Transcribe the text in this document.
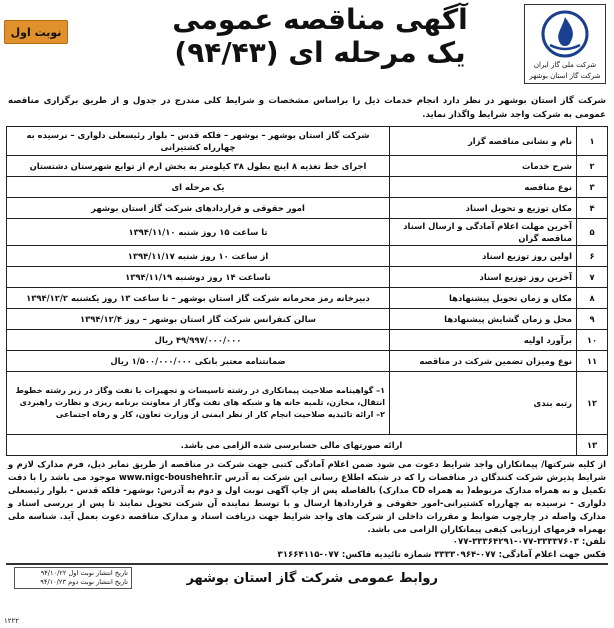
شرکت ملی گاز ایران
شرکت گاز استان بوشهر
آگهی مناقصه عمومی
یک مرحله ای (۹۴/۴۳)
نوبت اول
شرکت گاز استان بوشهر در نظر دارد انجام خدمات ذیل را براساس مشخصات و شرایط کلی مندرج در جدول و از طریق برگزاری مناقصه عمومی به شرکت واجد شرایط واگذار نماید.
۱	نام و نشانی مناقصه گزار	شرکت گاز استان بوشهر – بوشهر – فلکه قدس – بلوار رئیسعلی دلواری – نرسیده به چهارراه کشتیرانی
۲	شرح خدمات	اجرای خط تغذیه ۸ اینچ بطول ۳۸ کیلومتر به بخش ارم از توابع شهرستان دشتستان
۳	نوع مناقصه	یک مرحله ای
۴	مکان توزیع و تحویل اسناد	امور حقوقی و قراردادهای شرکت گاز استان بوشهر
۵	آخرین مهلت اعلام آمادگی و ارسال اسناد مناقصه گران	تا ساعت ۱۵ روز شنبه ۱۳۹۴/۱۱/۱۰
۶	اولین روز توزیع اسناد	از ساعت ۱۰ روز شنبه ۱۳۹۴/۱۱/۱۷
۷	آخرین روز توزیع اسناد	تاساعت ۱۴ روز دوشنبه ۱۳۹۴/۱۱/۱۹
۸	مکان و زمان تحویل پیشنهادها	دبیرخانه رمز محرمانه شرکت گاز استان بوشهر – تا ساعت ۱۳ روز یکشنبه ۱۳۹۴/۱۲/۲
۹	محل و زمان گشایش پیشنهادها	سالن کنفرانس شرکت گاز استان بوشهر – روز ۱۳۹۴/۱۲/۴
۱۰	برآورد اولیه	۴۹/۹۹۷/۰۰۰/۰۰۰ ریال
۱۱	نوع ومیزان تضمین شرکت در مناقصه	ضمانتنامه معتبر بانکی ۱/۵۰۰/۰۰۰/۰۰۰ ریال
۱۲	رتبه بندی	۱– گواهینامه صلاحیت پیمانکاری در رشته تاسیسات و تجهیزات با نفت وگاز در زیر رشته خطوط انتقال، مخازن، تلمبه خانه ها و شبکه های نفت وگاز از معاونت برنامه ریزی و نظارت راهبردی ۲– ارائه تائیدیه صلاحیت انجام کار از نظر ایمنی از وزارت تعاون، کار و رفاه اجتماعی
۱۳	ارائه صورتهای مالی حسابرسی شده الزامی می باشد.	
از کلیه شرکتها/ پیمانکاران واجد شرایط دعوت می شود ضمن اعلام آمادگی کتبی جهت شرکت در مناقصه از طریق نمابر ذیل، فرم مدارک لازم و شرایط پذیرش شرکت کنندگان در مناقصات را که در شبکه اطلاع رسانی این شرکت به آدرس www.nigc-boushehr.ir موجود می باشد را با دقت تکمیل و به همراه مدارک مربوطه( به همراه CD مدارک) بالفاصله پس از چاپ آگهی نوبت اول و دوم به آدرس: بوشهر- فلکه قدس - بلوار رئیسعلی دلواری - نرسیده به چهارراه کشتیرانی-امور حقوقی و قراردادها ارسال و با توسط نماینده آن شرکت تحویل نمایند تا پس از بررسی اسناد و مدارک واصله در چارچوب ضوابط و مقررات داخلی از شرکت های واجد شرایط جهت دریافت اسناد و مدارک مناقصه دعوت بعمل آید. شناسه ملی بهمراه فرمهای ارزیابی کیفی پیمانکاران الزامی می باشد.
تلفن: ۳۳۳۳۷۶۰۳-۰۷۷-۳۳۳۶۴۲۹۱-۰۷۷
فکس جهت اعلام آمادگی: ۰۷۷-۳۳۳۳۰۹۶۴ شماره تائیدیه فاکس: ۰۷۷-۳۱۶۶۴۱۱۵
روابط عمومی شرکت گاز استان بوشهر
تاریخ انتشار نوبت اول ۹۴/۱۰/۲۲
تاریخ انتشار نوبت دوم ۹۴/۱۰/۲۳
۱۲۲۲
